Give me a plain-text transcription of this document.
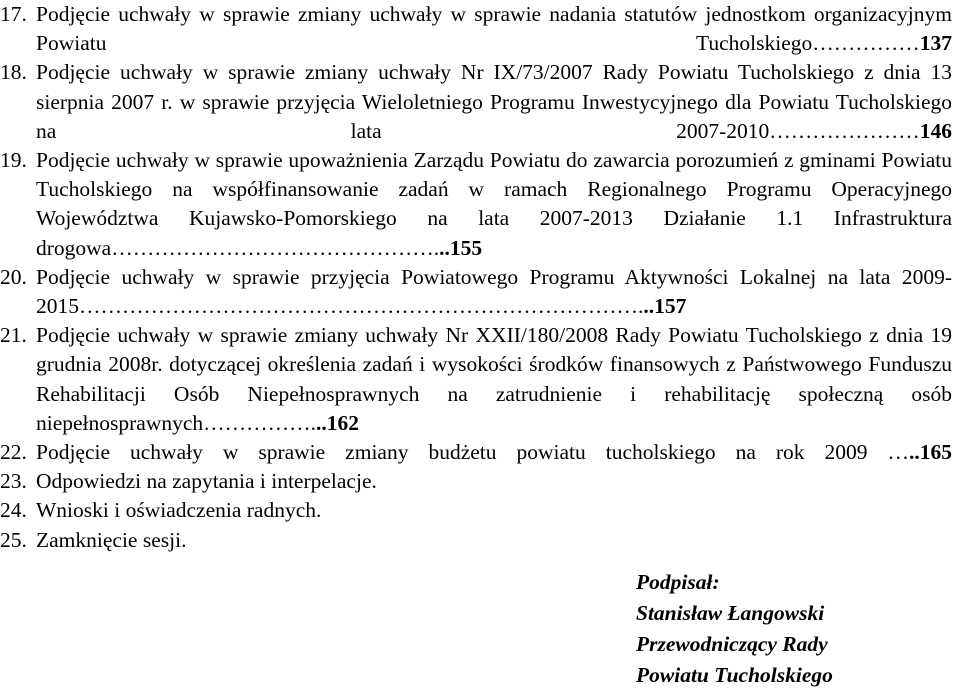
17. Podjęcie uchwały w sprawie zmiany uchwały w sprawie nadania statutów jednostkom organizacyjnym Powiatu Tucholskiego……………137
18. Podjęcie uchwały w sprawie zmiany uchwały Nr IX/73/2007 Rady Powiatu Tucholskiego z dnia 13 sierpnia 2007 r. w sprawie przyjęcia Wieloletniego Programu Inwestycyjnego dla Powiatu Tucholskiego na lata 2007-2010…………………146
19. Podjęcie uchwały w sprawie upoważnienia Zarządu Powiatu do zawarcia porozumień z gminami Powiatu Tucholskiego na współfinansowanie zadań w ramach Regionalnego Programu Operacyjnego Województwa Kujawsko-Pomorskiego na lata 2007-2013 Działanie 1.1 Infrastruktura drogowa………………………………………...155
20. Podjęcie uchwały w sprawie przyjęcia Powiatowego Programu Aktywności Lokalnej na lata 2009-2015……………………………………………………………………...157
21. Podjęcie uchwały w sprawie zmiany uchwały Nr XXII/180/2008 Rady Powiatu Tucholskiego z dnia 19 grudnia 2008r. dotyczącej określenia zadań i wysokości środków finansowych z Państwowego Funduszu Rehabilitacji Osób Niepełnosprawnych na zatrudnienie i rehabilitację społeczną osób niepełnosprawnych……………...162
22. Podjęcie uchwały w sprawie zmiany budżetu powiatu tucholskiego na rok 2009 …..165
23. Odpowiedzi na zapytania i interpelacje.
24. Wnioski i oświadczenia radnych.
25. Zamknięcie sesji.
Podpisał:
Stanisław Łangowski
Przewodniczący Rady
Powiatu Tucholskiego
